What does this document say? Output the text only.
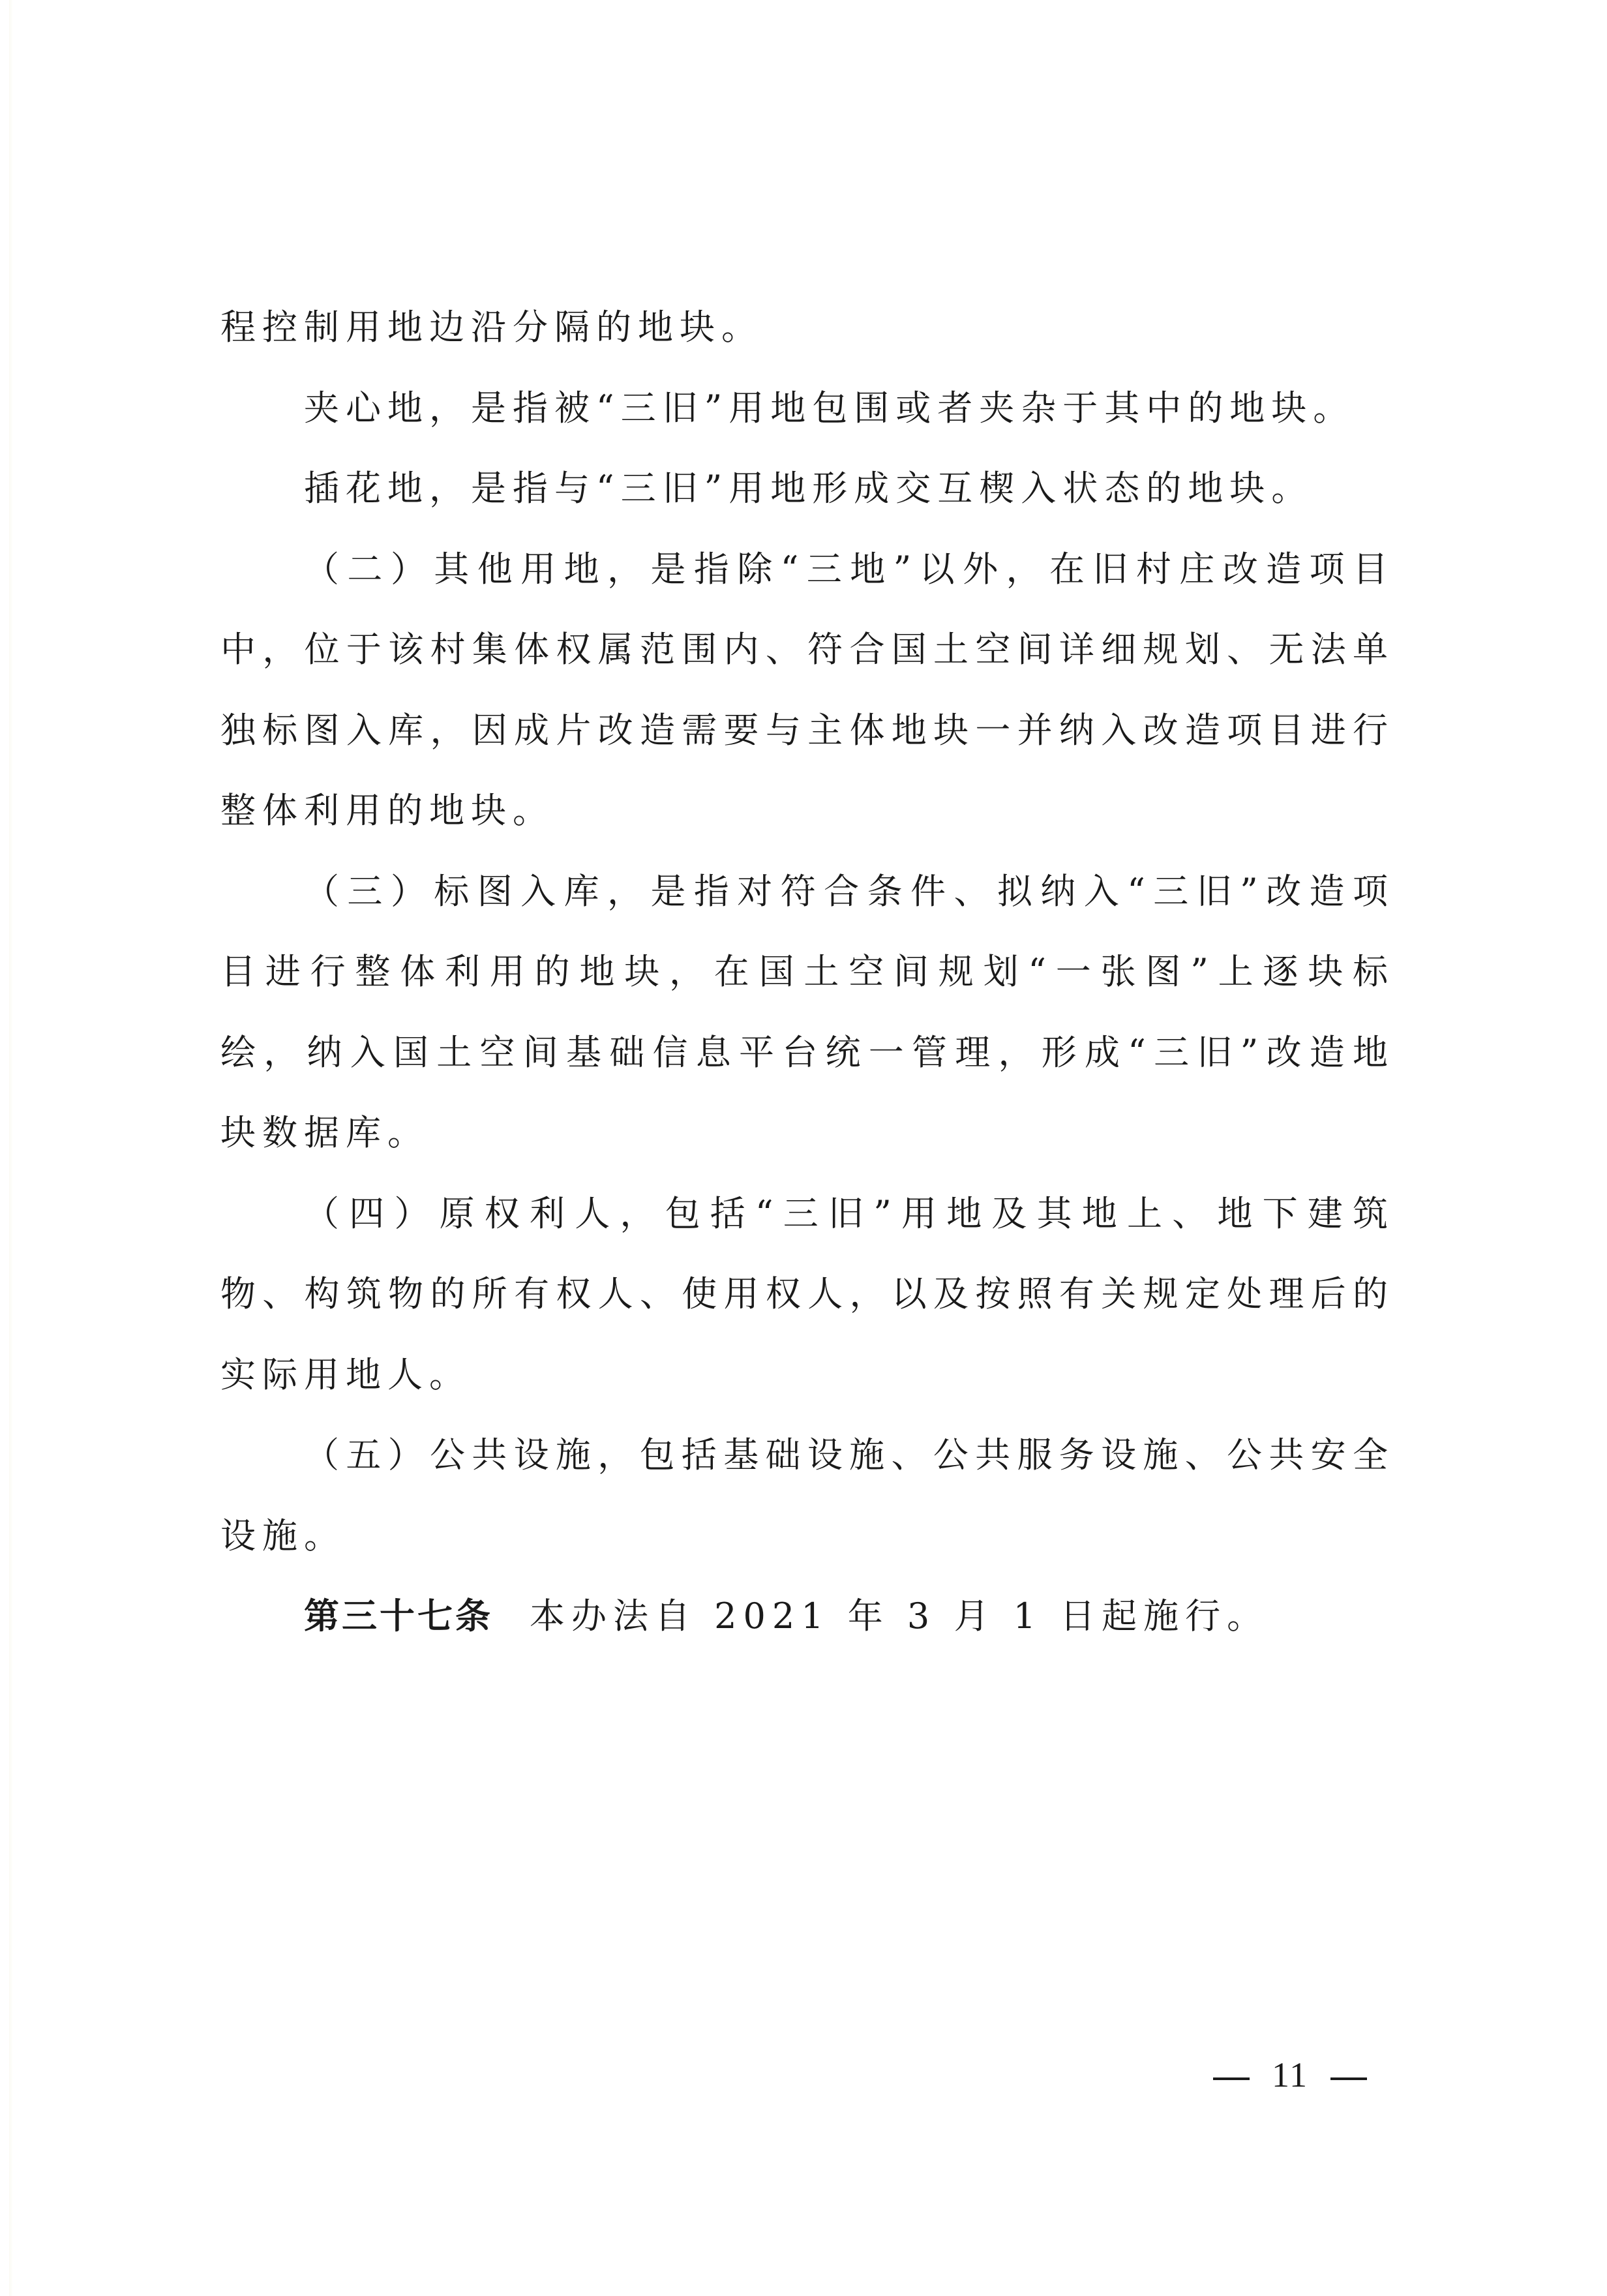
程控制用地边沿分隔的地块。

夹心地，是指被“三旧”用地包围或者夹杂于其中的地块。

插花地，是指与“三旧”用地形成交互楔入状态的地块。

（二）其他用地，是指除“三地”以外，在旧村庄改造项目中，位于该村集体权属范围内、符合国土空间详细规划、无法单独标图入库，因成片改造需要与主体地块一并纳入改造项目进行整体利用的地块。

（三）标图入库，是指对符合条件、拟纳入“三旧”改造项目进行整体利用的地块，在国土空间规划“一张图”上逐块标绘，纳入国土空间基础信息平台统一管理，形成“三旧”改造地块数据库。

（四）原权利人，包括“三旧”用地及其地上、地下建筑物、构筑物的所有权人、使用权人，以及按照有关规定处理后的实际用地人。

（五）公共设施，包括基础设施、公共服务设施、公共安全设施。

第三十七条 本办法自 2021 年 3 月 1 日起施行。

11
